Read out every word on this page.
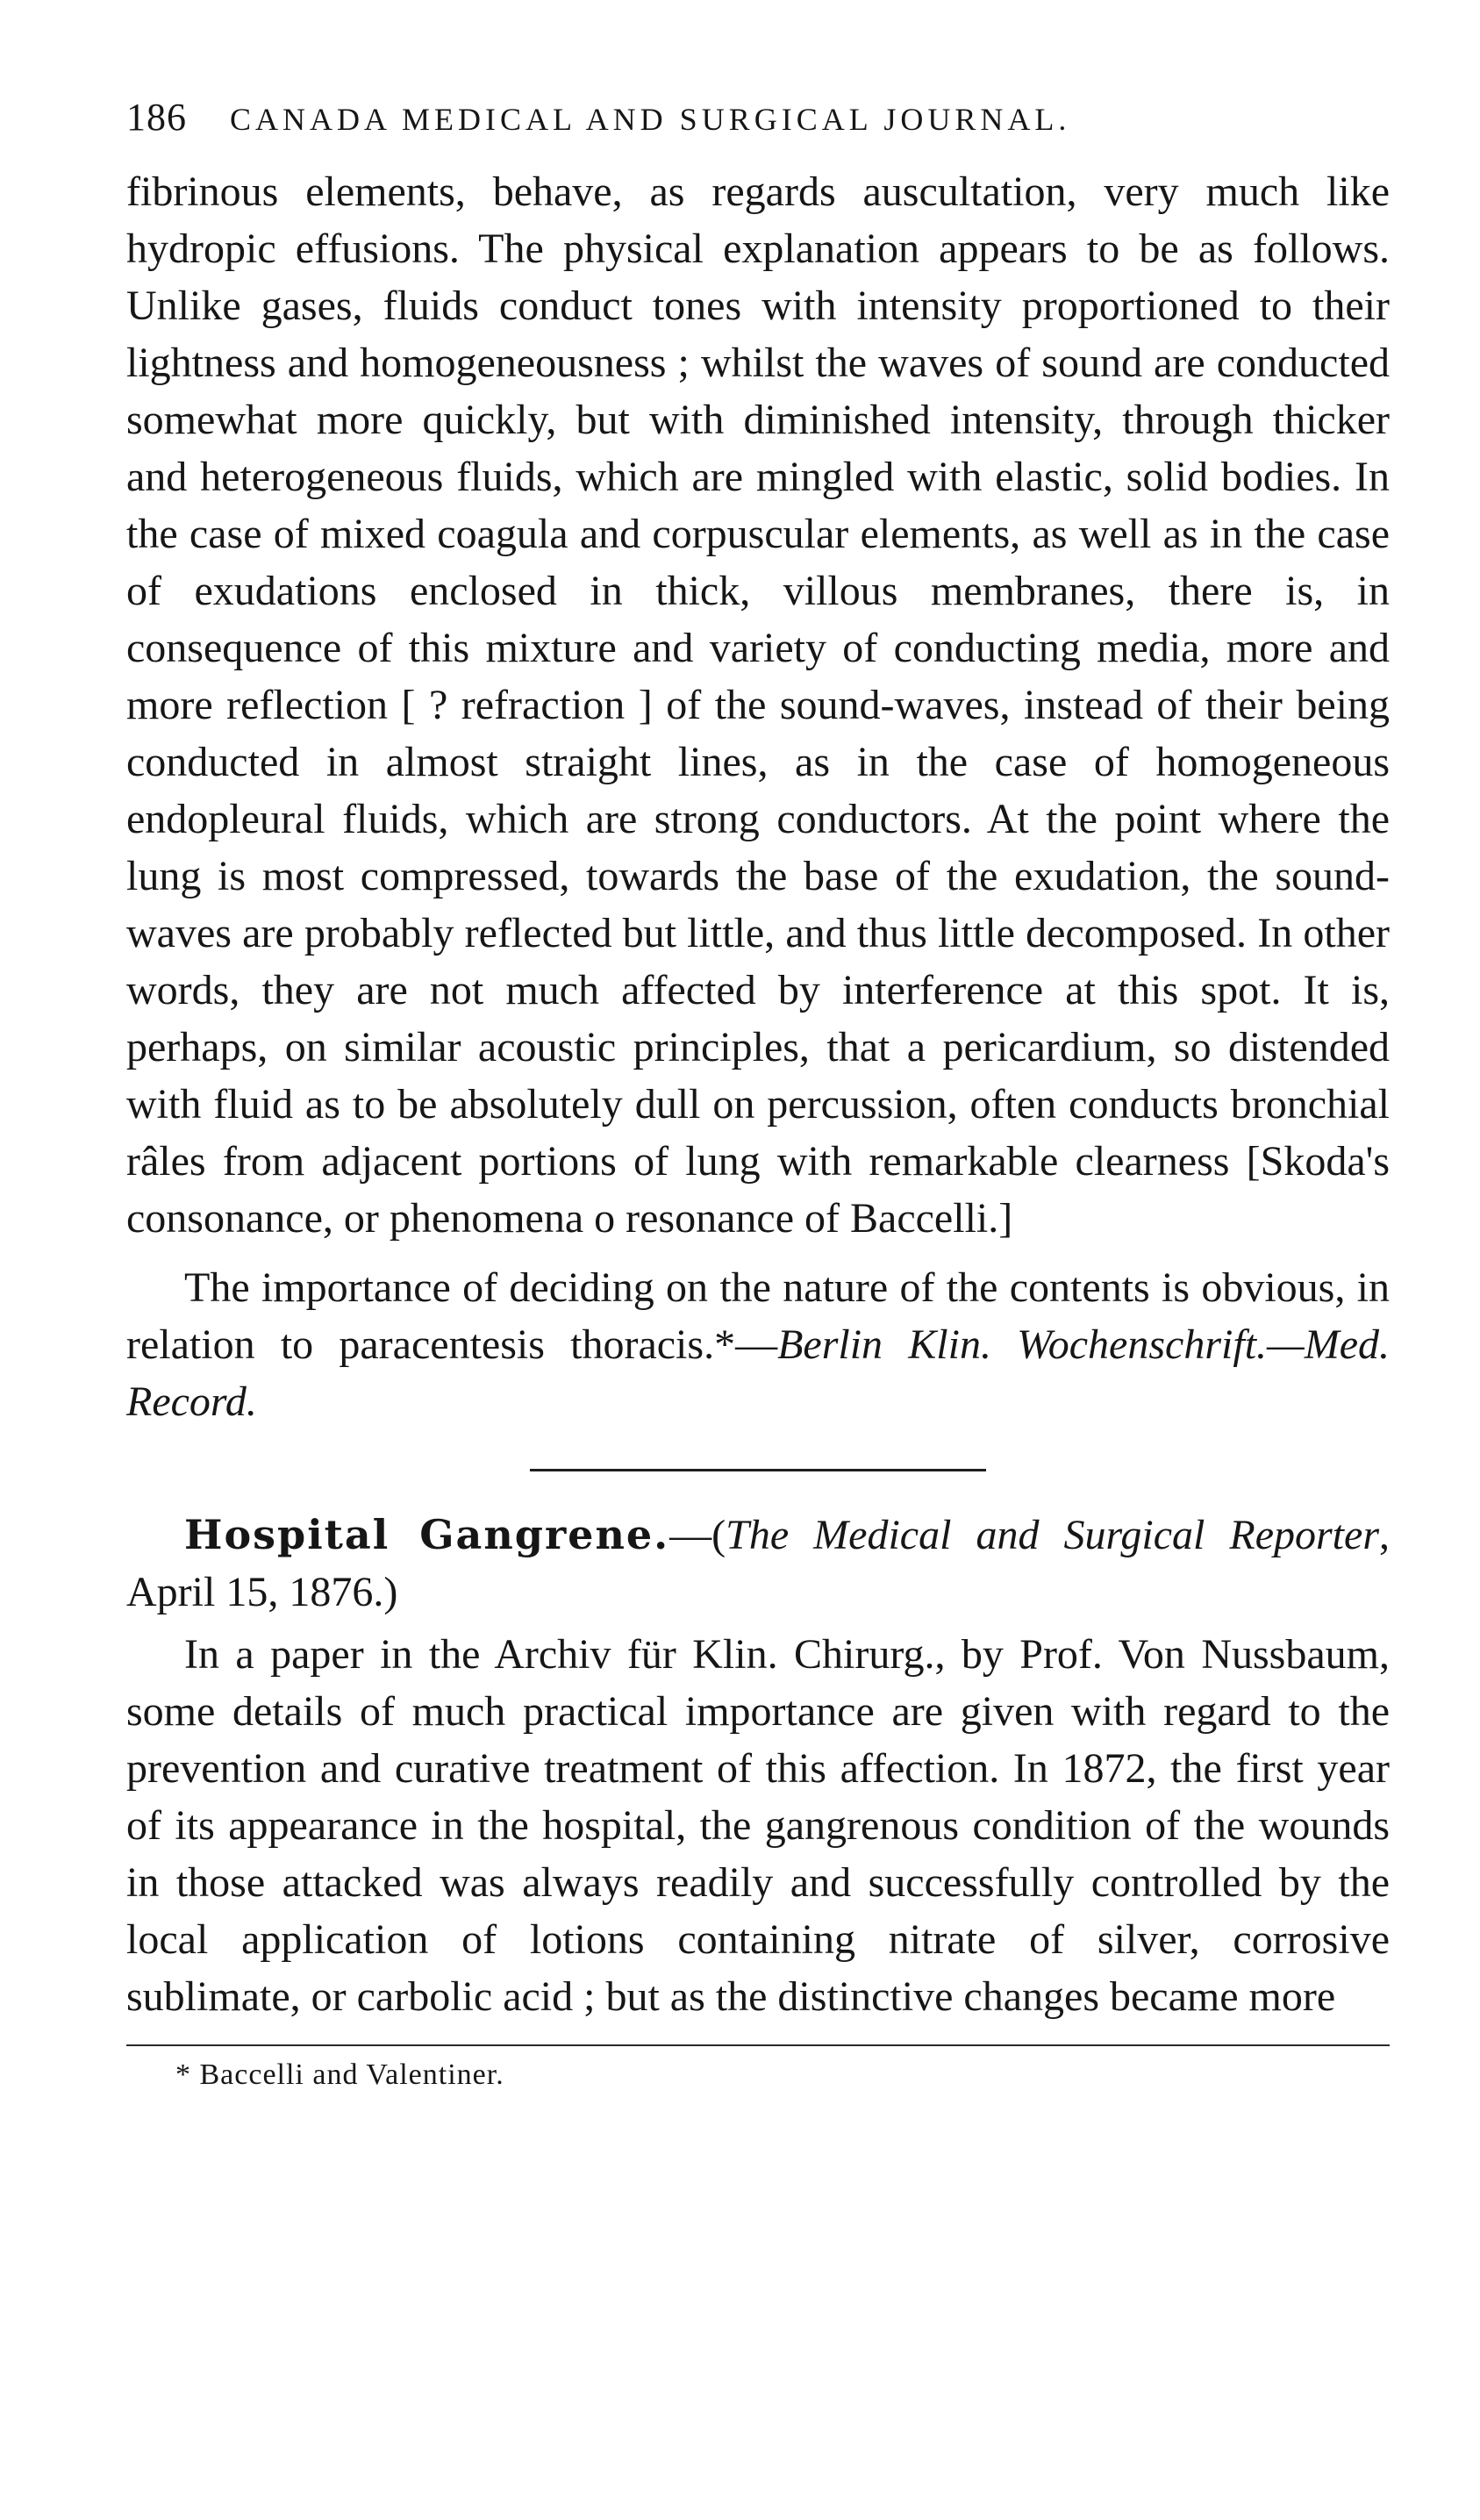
186	CANADA MEDICAL AND SURGICAL JOURNAL.

fibrinous elements, behave, as regards auscultation, very much like hydropic effusions. The physical explanation appears to be as follows. Unlike gases, fluids conduct tones with intensity proportioned to their lightness and homogeneousness ; whilst the waves of sound are conducted somewhat more quickly, but with diminished intensity, through thicker and heterogeneous fluids, which are mingled with elastic, solid bodies. In the case of mixed coagula and corpuscular elements, as well as in the case of exudations enclosed in thick, villous membranes, there is, in consequence of this mixture and variety of conducting media, more and more reflection [ ? refraction ] of the sound-waves, instead of their being conducted in almost straight lines, as in the case of homogeneous endopleural fluids, which are strong conductors. At the point where the lung is most compressed, towards the base of the exudation, the sound-waves are probably reflected but little, and thus little decomposed. In other words, they are not much affected by interference at this spot. It is, perhaps, on similar acoustic principles, that a pericardium, so distended with fluid as to be absolutely dull on percussion, often conducts bronchial râles from adjacent portions of lung with remarkable clearness [Skoda's consonance, or phenomena o resonance of Baccelli.]

The importance of deciding on the nature of the contents is obvious, in relation to paracentesis thoracis.*—Berlin Klin. Wochenschrift.—Med. Record.

Hospital Gangrene.—(The Medical and Surgical Reporter, April 15, 1876.)

In a paper in the Archiv für Klin. Chirurg., by Prof. Von Nussbaum, some details of much practical importance are given with regard to the prevention and curative treatment of this affection. In 1872, the first year of its appearance in the hospital, the gangrenous condition of the wounds in those attacked was always readily and successfully controlled by the local application of lotions containing nitrate of silver, corrosive sublimate, or carbolic acid ; but as the distinctive changes became more

* Baccelli and Valentiner.
